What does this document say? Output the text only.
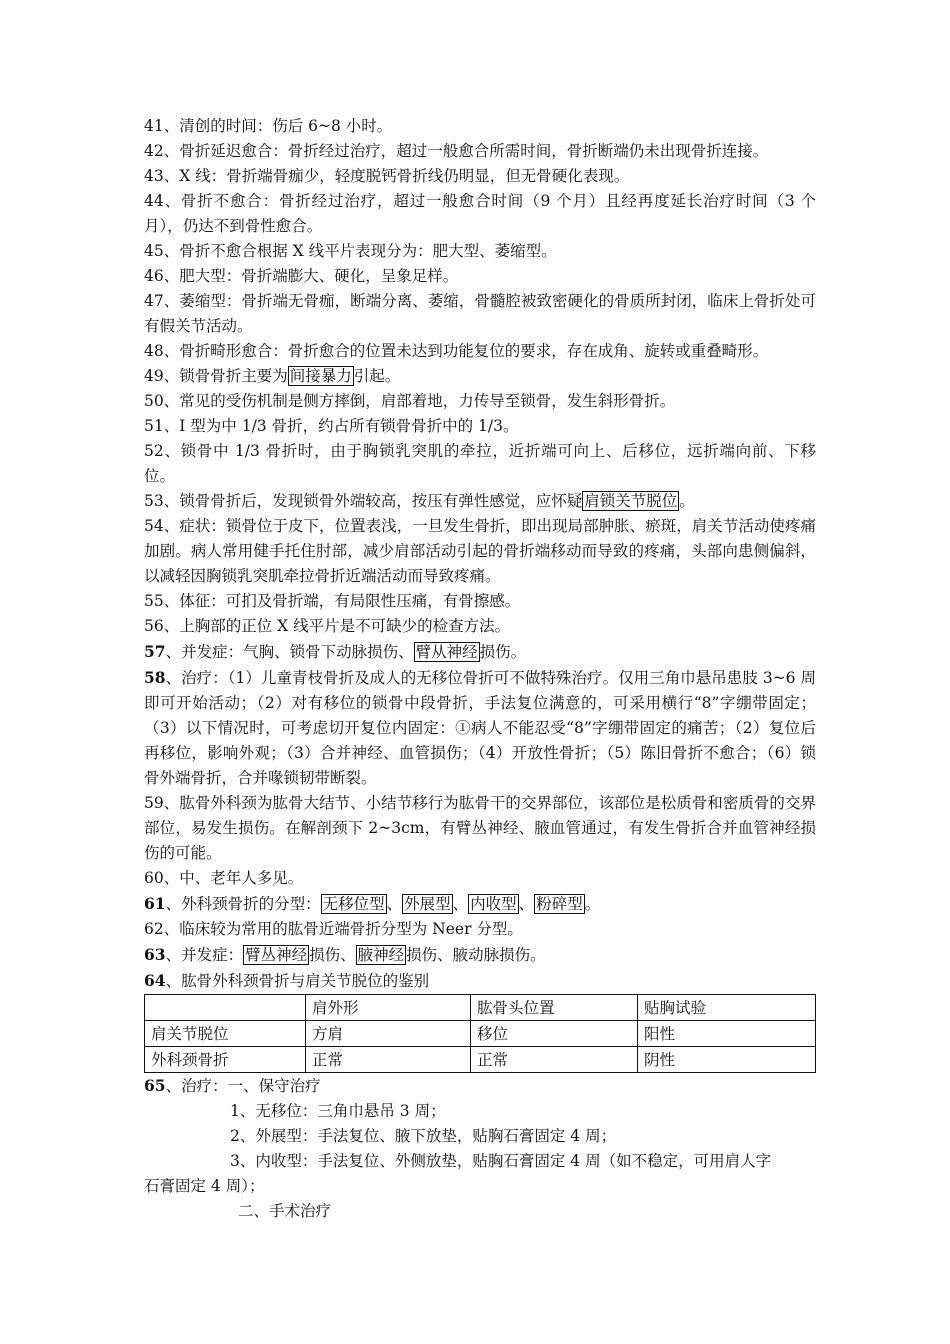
41、清创的时间：伤后 6~8 小时。

42、骨折延迟愈合：骨折经过治疗，超过一般愈合所需时间，骨折断端仍未出现骨折连接。

43、X 线：骨折端骨痂少，轻度脱钙骨折线仍明显，但无骨硬化表现。

44、骨折不愈合：骨折经过治疗，超过一般愈合时间（9 个月）且经再度延长治疗时间（3 个月），仍达不到骨性愈合。

45、骨折不愈合根据 X 线平片表现分为：肥大型、萎缩型。

46、肥大型：骨折端膨大、硬化，呈象足样。

47、萎缩型：骨折端无骨痂，断端分离、萎缩，骨髓腔被致密硬化的骨质所封闭，临床上骨折处可有假关节活动。

48、骨折畸形愈合：骨折愈合的位置未达到功能复位的要求，存在成角、旋转或重叠畸形。

49、锁骨骨折主要为 间接暴力 引起。

50、常见的受伤机制是侧方摔倒，肩部着地，力传导至锁骨，发生斜形骨折。

51、I 型为中 1/3 骨折，约占所有锁骨骨折中的 1/3。

52、锁骨中 1/3 骨折时，由于胸锁乳突肌的牵拉，近折端可向上、后移位，远折端向前、下移位。

53、锁骨骨折后，发现锁骨外端较高，按压有弹性感觉，应怀疑 肩锁关节脱位 。

54、症状：锁骨位于皮下，位置表浅，一旦发生骨折，即出现局部肿胀、瘀斑，肩关节活动使疼痛加剧。病人常用健手托住肘部，减少肩部活动引起的骨折端移动而导致的疼痛，头部向患侧偏斜，以减轻因胸锁乳突肌牵拉骨折近端活动而导致疼痛。

55、体征：可扪及骨折端，有局限性压痛，有骨擦感。

56、上胸部的正位 X 线平片是不可缺少的检查方法。

57、并发症：气胸、锁骨下动脉损伤、 臂从神经 损伤。

58、治疗：（1）儿童青枝骨折及成人的无移位骨折可不做特殊治疗。仅用三角巾悬吊患肢 3~6 周即可开始活动；（2）对有移位的锁骨中段骨折，手法复位满意的，可采用横行“8”字绷带固定；（3）以下情况时，可考虑切开复位内固定：①病人不能忍受“8”字绷带固定的痛苦；（2）复位后再移位，影响外观；（3）合并神经、血管损伤；（4）开放性骨折；（5）陈旧骨折不愈合；（6）锁骨外端骨折，合并喙锁韧带断裂。

59、肱骨外科颈为肱骨大结节、小结节移行为肱骨干的交界部位，该部位是松质骨和密质骨的交界部位，易发生损伤。在解剖颈下 2~3cm，有臂丛神经、腋血管通过，有发生骨折合并血管神经损伤的可能。

60、中、老年人多见。

61、外科颈骨折的分型： 无移位型 、 外展型 、 内收型 、 粉碎型 。

62、临床较为常用的肱骨近端骨折分型为 Neer 分型。

63、并发症： 臂丛神经 损伤、 腋神经 损伤、腋动脉损伤。

64、肱骨外科颈骨折与肩关节脱位的鉴别

	肩外形	肱骨头位置	贴胸试验
肩关节脱位	方肩	移位	阳性
外科颈骨折	正常	正常	阴性

65、治疗：一、保守治疗

1、无移位：三角巾悬吊 3 周；

2、外展型：手法复位、腋下放垫，贴胸石膏固定 4 周；

3、内收型：手法复位、外侧放垫，贴胸石膏固定 4 周（如不稳定，可用肩人字

石膏固定 4 周）；

二、手术治疗
